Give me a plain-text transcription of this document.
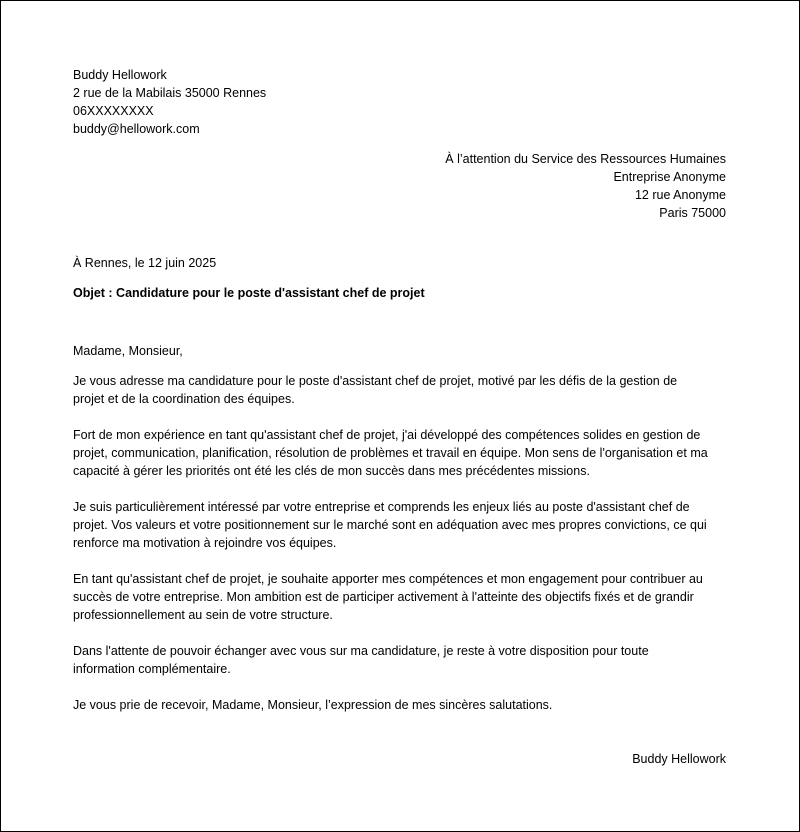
Buddy Hellowork
2 rue de la Mabilais 35000 Rennes
06XXXXXXXX
buddy@hellowork.com
À l’attention du Service des Ressources Humaines
Entreprise Anonyme
12 rue Anonyme
Paris 75000
À Rennes, le 12 juin 2025
Objet : Candidature pour le poste d'assistant chef de projet
Madame, Monsieur,

Je vous adresse ma candidature pour le poste d'assistant chef de projet, motivé par les défis de la gestion de
projet et de la coordination des équipes.

Fort de mon expérience en tant qu'assistant chef de projet, j'ai développé des compétences solides en gestion de
projet, communication, planification, résolution de problèmes et travail en équipe. Mon sens de l'organisation et ma
capacité à gérer les priorités ont été les clés de mon succès dans mes précédentes missions.

Je suis particulièrement intéressé par votre entreprise et comprends les enjeux liés au poste d'assistant chef de
projet. Vos valeurs et votre positionnement sur le marché sont en adéquation avec mes propres convictions, ce qui
renforce ma motivation à rejoindre vos équipes.

En tant qu'assistant chef de projet, je souhaite apporter mes compétences et mon engagement pour contribuer au
succès de votre entreprise. Mon ambition est de participer activement à l'atteinte des objectifs fixés et de grandir
professionnellement au sein de votre structure.

Dans l'attente de pouvoir échanger avec vous sur ma candidature, je reste à votre disposition pour toute
information complémentaire.

Je vous prie de recevoir, Madame, Monsieur, l’expression de mes sincères salutations.

Buddy Hellowork
